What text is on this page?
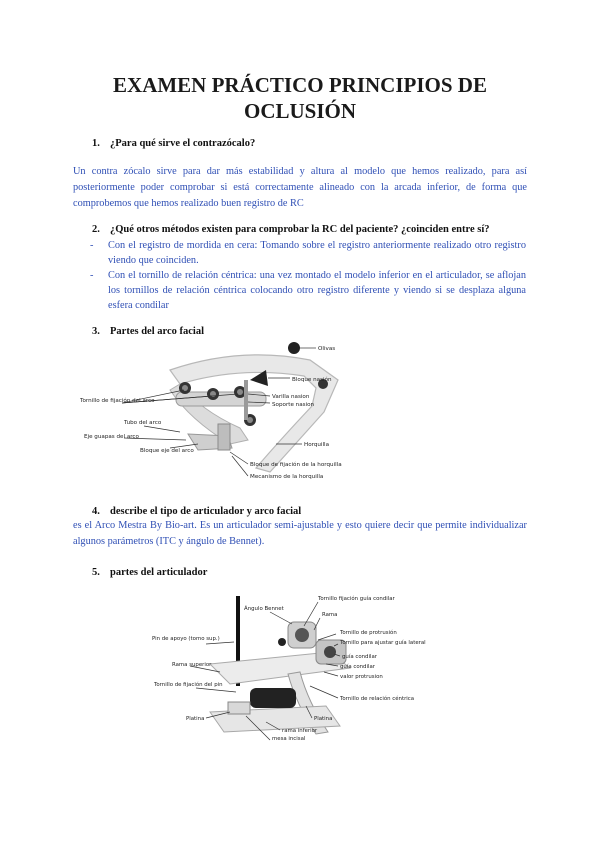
EXAMEN PRÁCTICO PRINCIPIOS DE
OCLUSIÓN
1. ¿Para qué sirve el contrazócalo?
Un contra zócalo sirve para dar más estabilidad y altura al modelo que hemos realizado, para así posteriormente poder comprobar si está correctamente alineado con la arcada inferior, de forma que comprobemos que hemos realizado buen registro de RC
2. ¿Qué otros métodos existen para comprobar la RC del paciente? ¿coinciden entre sí?
- Con el registro de mordida en cera: Tomando sobre el registro anteriormente realizado otro registro viendo que coinciden.
- Con el tornillo de relación céntrica: una vez montado el modelo inferior en el articulador, se aflojan los tornillos de relación céntrica colocando otro registro diferente y viendo si se desplaza alguna esfera condilar
3. Partes del arco facial
Olivas
Bloque nasión
Varilla nasion
Soporte nasion
Tornillo de fijación del arco
Tubo del arco
Eje guapas del arco
Bloque eje del arco
Horquilla
Bloque de fijación de la horquilla
Mecanismo de la horquilla
4. describe el tipo de articulador y arco facial
es el Arco Mestra By Bio-art. Es un articulador semi-ajustable y esto quiere decir que permite individualizar algunos parámetros (ITC y ángulo de Bennet).
5. partes del articulador
Ángulo Bennet
Tornillo fijación guía condilar
Rama
Tornillo de protrusión
Tornillo para ajustar guía lateral
guía condilar
Pin de apoyo (tomo sup.)
Rama superior
Tornillo de fijación del pin
guía condilar
valor protrusion
Tornillo de relación céntrica
Platina	Platina
rama inferior
mesa incisal
